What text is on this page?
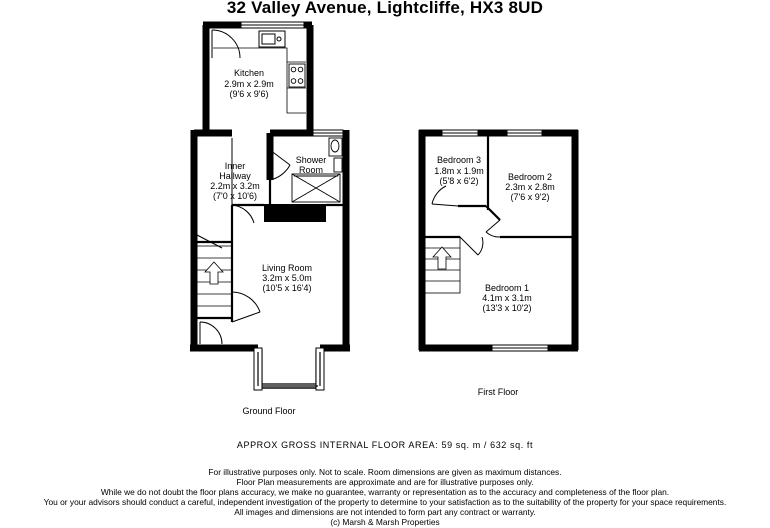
32 Valley Avenue, Lightcliffe, HX3 8UD
Kitchen
2.9m x 2.9m
(9'6 x 9'6)
Inner
Hallway
2.2m x 3.2m
(7'0 x 10'6)
Shower
Room
Living Room
3.2m x 5.0m
(10'5 x 16'4)
Bedroom 3
1.8m x 1.9m
(5'8 x 6'2)	Bedroom 2
2.3m x 2.8m
(7'6 x 9'2)
Bedroom 1
4.1m x 3.1m
(13'3 x 10'2)
Ground Floor
First Floor
APPROX GROSS INTERNAL FLOOR AREA: 59 sq. m / 632 sq. ft
For illustrative purposes only. Not to scale. Room dimensions are given as maximum distances.
Floor Plan measurements are approximate and are for illustrative purposes only.
While we do not doubt the floor plans accuracy, we make no guarantee, warranty or representation as to the accuracy and completeness of the floor plan.
You or your advisors should conduct a careful, independent investigation of the property to determine to your satisfaction as to the suitability of the property for your space requirements.
All images and dimensions are not intended to form part any contract or warranty.
(c) Marsh & Marsh Properties
